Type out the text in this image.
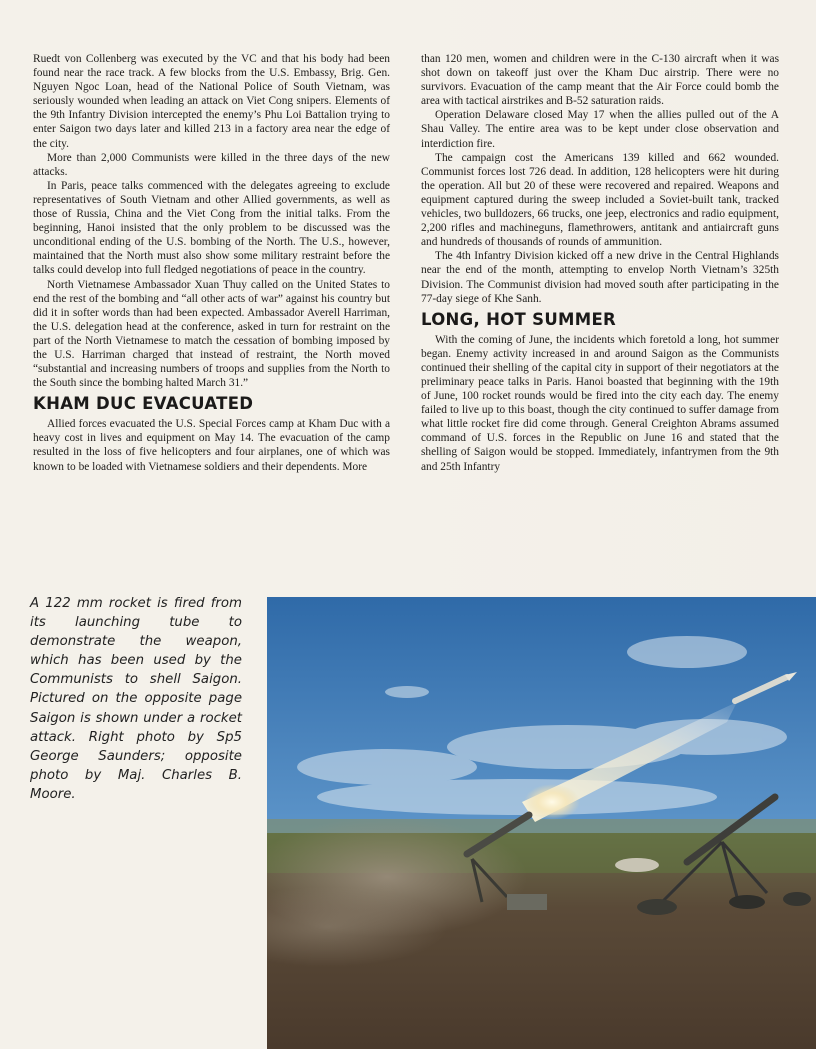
Ruedt von Collenberg was executed by the VC and that his body had been found near the race track. A few blocks from the U.S. Embassy, Brig. Gen. Nguyen Ngoc Loan, head of the National Police of South Vietnam, was seriously wounded when leading an attack on Viet Cong snipers. Elements of the 9th Infantry Division intercepted the enemy’s Phu Loi Battalion trying to enter Saigon two days later and killed 213 in a factory area near the edge of the city.

More than 2,000 Communists were killed in the three days of the new attacks.

In Paris, peace talks commenced with the delegates agreeing to exclude representatives of South Vietnam and other Allied governments, as well as those of Russia, China and the Viet Cong from the initial talks. From the beginning, Hanoi insisted that the only problem to be discussed was the unconditional ending of the U.S. bombing of the North. The U.S., however, maintained that the North must also show some military restraint before the talks could develop into full fledged negotiations of peace in the country.

North Vietnamese Ambassador Xuan Thuy called on the United States to end the rest of the bombing and “all other acts of war” against his country but did it in softer words than had been expected. Ambassador Averell Harriman, the U.S. delegation head at the conference, asked in turn for restraint on the part of the North Vietnamese to match the cessation of bombing imposed by the U.S. Harriman charged that instead of restraint, the North moved “substantial and increasing numbers of troops and supplies from the North to the South since the bombing halted March 31.”

KHAM DUC EVACUATED

Allied forces evacuated the U.S. Special Forces camp at Kham Duc with a heavy cost in lives and equipment on May 14. The evacuation of the camp resulted in the loss of five helicopters and four airplanes, one of which was known to be loaded with Vietnamese soldiers and their dependents. More

than 120 men, women and children were in the C-130 aircraft when it was shot down on takeoff just over the Kham Duc airstrip. There were no survivors. Evacuation of the camp meant that the Air Force could bomb the area with tactical airstrikes and B-52 saturation raids.

Operation Delaware closed May 17 when the allies pulled out of the A Shau Valley. The entire area was to be kept under close observation and interdiction fire.

The campaign cost the Americans 139 killed and 662 wounded. Communist forces lost 726 dead. In addition, 128 helicopters were hit during the operation. All but 20 of these were recovered and repaired. Weapons and equipment captured during the sweep included a Soviet-built tank, tracked vehicles, two bulldozers, 66 trucks, one jeep, electronics and radio equipment, 2,200 rifles and machineguns, flamethrowers, antitank and antiaircraft guns and hundreds of thousands of rounds of ammunition.

The 4th Infantry Division kicked off a new drive in the Central Highlands near the end of the month, attempting to envelop North Vietnam’s 325th Division. The Communist division had moved south after participating in the 77-day siege of Khe Sanh.

LONG, HOT SUMMER

With the coming of June, the incidents which foretold a long, hot summer began. Enemy activity increased in and around Saigon as the Communists continued their shelling of the capital city in support of their negotiators at the preliminary peace talks in Paris. Hanoi boasted that beginning with the 19th of June, 100 rocket rounds would be fired into the city each day. The enemy failed to live up to this boast, though the city continued to suffer damage from what little rocket fire did come through. General Creighton Abrams assumed command of U.S. forces in the Republic on June 16 and stated that the shelling of Saigon would be stopped. Immediately, infantrymen from the 9th and 25th Infantry

A 122 mm rocket is fired from its launching tube to demonstrate the weapon, which has been used by the Communists to shell Saigon. Pictured on the opposite page Saigon is shown under a rocket attack. Right photo by Sp5 George Saunders; opposite photo by Maj. Charles B. Moore.
